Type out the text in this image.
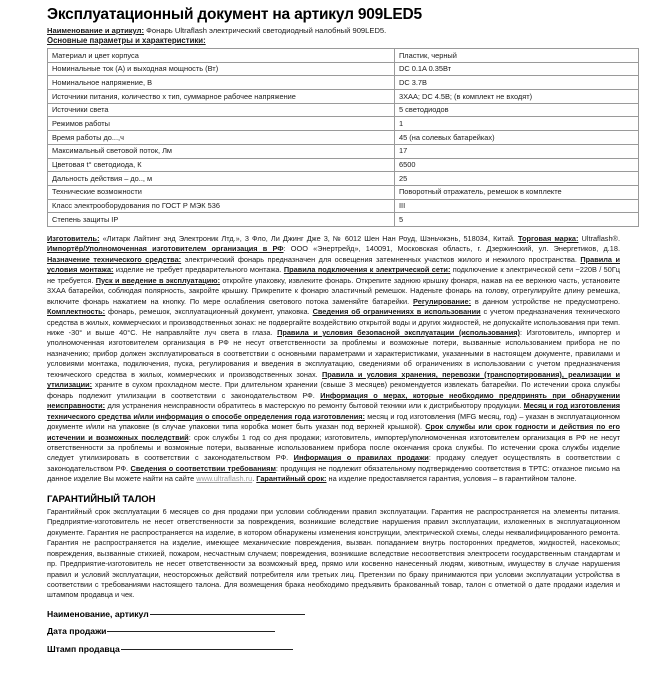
Эксплуатационный документ на артикул 909LED5
Наименование и артикул: Фонарь Ultraflash электрический светодиодный налобный 909LED5.
Основные параметры и характеристики:
Материал и цвет корпуса	Пластик, черный
Номинальные ток (А) и выходная мощность (Вт)	DC 0.1A 0.35Вт
Номинальное напряжение, В	DC 3.7B
Источники питания, количество х тип, суммарное рабочее напряжение	3XAA; DC 4.5B; (в комплект не входят)
Источники света	5 светодиодов
Режимов работы	1
Время работы до...,ч	45 (на солевых батарейках)
Максимальный световой поток, Лм	17
Цветовая t° светодиода, К	6500
Дальность действия – до.., м	25
Технические возможности	Поворотный отражатель, ремешок в комплекте
Класс электрооборудования по ГОСТ Р МЭК 536	III
Степень защиты IP	5
Изготовитель: «Литарк Лайтинг энд Электроник Лтд.», 3 Фло, Ли Джинг Дже 3, № 6012 Шен Нан Роуд, Шэньчжэнь, 518034, Китай. Торговая марка: Ultraflash®. Импортёр/Уполномоченная изготовителем организация в РФ: ООО «Энертрейд», 140091, Московская область, г. Дзержинский, ул. Энергетиков, д.18. Назначение технического средства: электрический фонарь предназначен для освещения затемненных участков жилого и нежилого пространства. Правила и условия монтажа: изделие не требует предварительного монтажа. Правила подключения к электрической сети: подключение к электрической сети ~220В / 50Гц не требуется. Пуск и введение в эксплуатацию: откройте упаковку, извлеките фонарь. Открепите заднюю крышку фонаря, нажав на ее верхнюю часть, установите 3XAA батарейки, соблюдая полярность, закройте крышку. Прикрепите к фонарю эластичный ремешок. Наденьте фонарь на голову, отрегулируйте длину ремешка, включите фонарь нажатием на кнопку. По мере ослабления светового потока заменяйте батарейки. Регулирование: в данном устройстве не предусмотрено. Комплектность: фонарь, ремешок, эксплуатационный документ, упаковка. Сведения об ограничениях в использовании с учетом предназначения технического средства в жилых, коммерческих и производственных зонах: не подвергайте воздействию открытой воды и других жидкостей, не допускайте использования при темп. ниже -30° и выше 40°С. Не направляйте луч света в глаза. Правила и условия безопасной эксплуатации (использования): Изготовитель, импортер и уполномоченная изготовителем организация в РФ не несут ответственности за проблемы и возможные потери, вызванные использованием прибора не по назначению; прибор должен эксплуатироваться в соответствии с основными параметрами и характеристиками, указанными в настоящем документе, правилами и условиями монтажа, подключения, пуска, регулирования и введения в эксплуатацию, сведениями об ограничениях в использовании с учетом предназначения технического средства в жилых, коммерческих и производственных зонах. Правила и условия хранения, перевозки (транспортирования), реализации и утилизации: храните в сухом прохладном месте. При длительном хранении (свыше 3 месяцев) рекомендуется извлекать батарейки. По истечении срока службы фонарь подлежит утилизации в соответствии с законодательством РФ. Информация о мерах, которые необходимо предпринять при обнаружении неисправности: для устранения неисправности обратитесь в мастерскую по ремонту бытовой техники или к дистрибьютору продукции. Месяц и год изготовления технического средства и/или информация о способе определения года изготовления: месяц и год изготовления (MFG месяц, год) – указан в эксплуатационном документе и/или на упаковке (в случае упаковки типа коробка может быть указан под верхней крышкой). Срок службы или срок годности и действия по его истечении и возможных последствий: срок службы 1 год со дня продажи; изготовитель, импортер/уполномоченная изготовителем организация в РФ не несут ответственности за проблемы и возможные потери, вызванные использованием прибора после окончания срока службы. По истечении срока службы изделие следует утилизировать в соответствии с законодательством РФ. Информация о правилах продажи: продажу следует осуществлять в соответствии с законодательством РФ. Сведения о соответствии требованиям: продукция не подлежит обязательному подтверждению соответствия в ТРТС: отказное письмо на данное изделие Вы можете найти на сайте www.ultraflash.ru. Гарантийный срок: на изделие предоставляется гарантия, условия – в гарантийном талоне.
ГАРАНТИЙНЫЙ ТАЛОН
Гарантийный срок эксплуатации 6 месяцев со дня продажи при условии соблюдении правил эксплуатации. Гарантия не распространяется на элементы питания. Предприятие-изготовитель не несет ответственности за повреждения, возникшие вследствие нарушения правил эксплуатации, изложенных в эксплуатационном документе. Гарантия не распространяется на изделие, в котором обнаружены изменения конструкции, электрической схемы, следы неквалифицированного ремонта. Гарантия не распространяется на изделие, имеющее механические повреждения, вызван. попаданием внутрь посторонних предметов, жидкостей, насекомых; повреждения, вызванные стихией, пожаром, несчастным случаем; повреждения, возникшие вследствие несоответствия электросети государственным стандартам и пр. Предприятие-изготовитель не несет ответственности за возможный вред, прямо или косвенно нанесенный людям, животным, имуществу в случае нарушения правил и условий эксплуатации, неосторожных действий потребителя или третьих лиц. Претензии по браку принимаются при условии эксплуатации устройства в соответствии с требованиями настоящего талона. Для возмещения брака необходимо предъявить бракованный товар, талон с отметкой о дате продажи изделия и штампом продавца и чек.
Наименование, артикул
Дата продажи
Штамп продавца
